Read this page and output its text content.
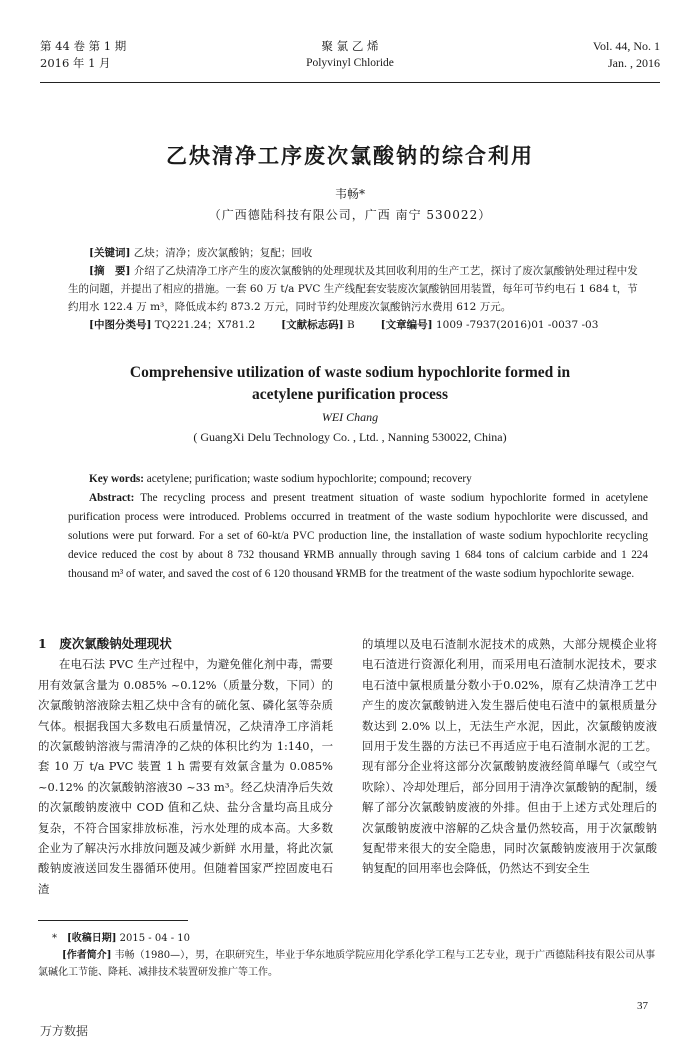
第 44 卷 第 1 期
2016 年 1 月
聚 氯 乙 烯
Polyvinyl Chloride
Vol. 44, No. 1
Jan. , 2016
乙炔清净工序废次氯酸钠的综合利用
韦畅*
（广西德陆科技有限公司，广西 南宁 530022）

[关键词] 乙炔；清净；废次氯酸钠；复配；回收

[摘　要] 介绍了乙炔清净工序产生的废次氯酸钠的处理现状及其回收利用的生产工艺，探讨了废次氯酸钠处理过程中发生的问题，并提出了相应的措施。一套 60 万 t/a PVC 生产线配套安装废次氯酸钠回用装置，每年可节约电石 1 684 t，节约用水 122.4 万 m³，降低成本约 873.2 万元，同时节约处理废次氯酸钠污水费用 612 万元。

[中图分类号] TQ221.24；X781.2 [文献标志码] B [文章编号] 1009 -7937(2016)01 -0037 -03

Comprehensive utilization of waste sodium hypochlorite formed in
acetylene purification process
WEI Chang
( GuangXi Delu Technology Co. , Ltd. , Nanning 530022, China)

Key words: acetylene; purification; waste sodium hypochlorite; compound; recovery

Abstract: The recycling process and present treatment situation of waste sodium hypochlorite formed in acetylene purification process were introduced. Problems occurred in treatment of the waste sodium hypochlorite were discussed, and solutions were put forward. For a set of 60-kt/a PVC production line, the installation of waste sodium hypochlorite recycling device reduced the cost by about 8 732 thousand ¥RMB annually through saving 1 684 tons of calcium carbide and 1 224 thousand m³ of water, and saved the cost of 6 120 thousand ¥RMB for the treatment of the waste sodium hypochlorite sewage.

1　废次氯酸钠处理现状

在电石法 PVC 生产过程中，为避免催化剂中毒，需要用有效氯含量为 0.085% ~0.12%（质量分数，下同）的次氯酸钠溶液除去粗乙炔中含有的硫化氢、磷化氢等杂质气体。根据我国大多数电石质量情况，乙炔清净工序消耗的次氯酸钠溶液与需清净的乙炔的体积比约为 1:140，一套 10 万 t/a PVC 装置 1 h 需要有效氯含量为 0.085% ~0.12% 的次氯酸钠溶液30 ~33 m³。经乙炔清净后失效的次氯酸钠废液中 COD 值和乙炔、盐分含量均高且成分复杂，不符合国家排放标准，污水处理的成本高。大多数企业为了解决污水排放问题及减少新鲜 水用量，将此次氯酸钠废液送回发生器循环使用。但随着国家严控固废电石渣

的填埋以及电石渣制水泥技术的成熟，大部分规模企业将电石渣进行资源化利用，而采用电石渣制水泥技术，要求电石渣中氯根质量分数小于0.02%，原有乙炔清净工艺中产生的废次氯酸钠进入发生器后使电石渣中的氯根质量分数达到 2.0% 以上，无法生产水泥，因此，次氯酸钠废液回用于发生器的方法已不再适应于电石渣制水泥的工艺。现有部分企业将这部分次氯酸钠废液经简单曝气（或空气吹除）、冷却处理后，部分回用于清净次氯酸钠的配制，缓解了部分次氯酸钠废液的外排。但由于上述方式处理后的次氯酸钠废液中溶解的乙炔含量仍然较高，用于次氯酸钠复配带来很大的安全隐患，同时次氯酸钠废液用于次氯酸钠复配的回用率也会降低，仍然达不到安全生

*　[收稿日期] 2015 - 04 - 10

[作者简介] 韦畅（1980—），男，在职研究生，毕业于华东地质学院应用化学系化学工程与工艺专业，现于广西德陆科技有限公司从事氯碱化工节能、降耗、减排技术装置研发推广等工作。

37
万方数据
